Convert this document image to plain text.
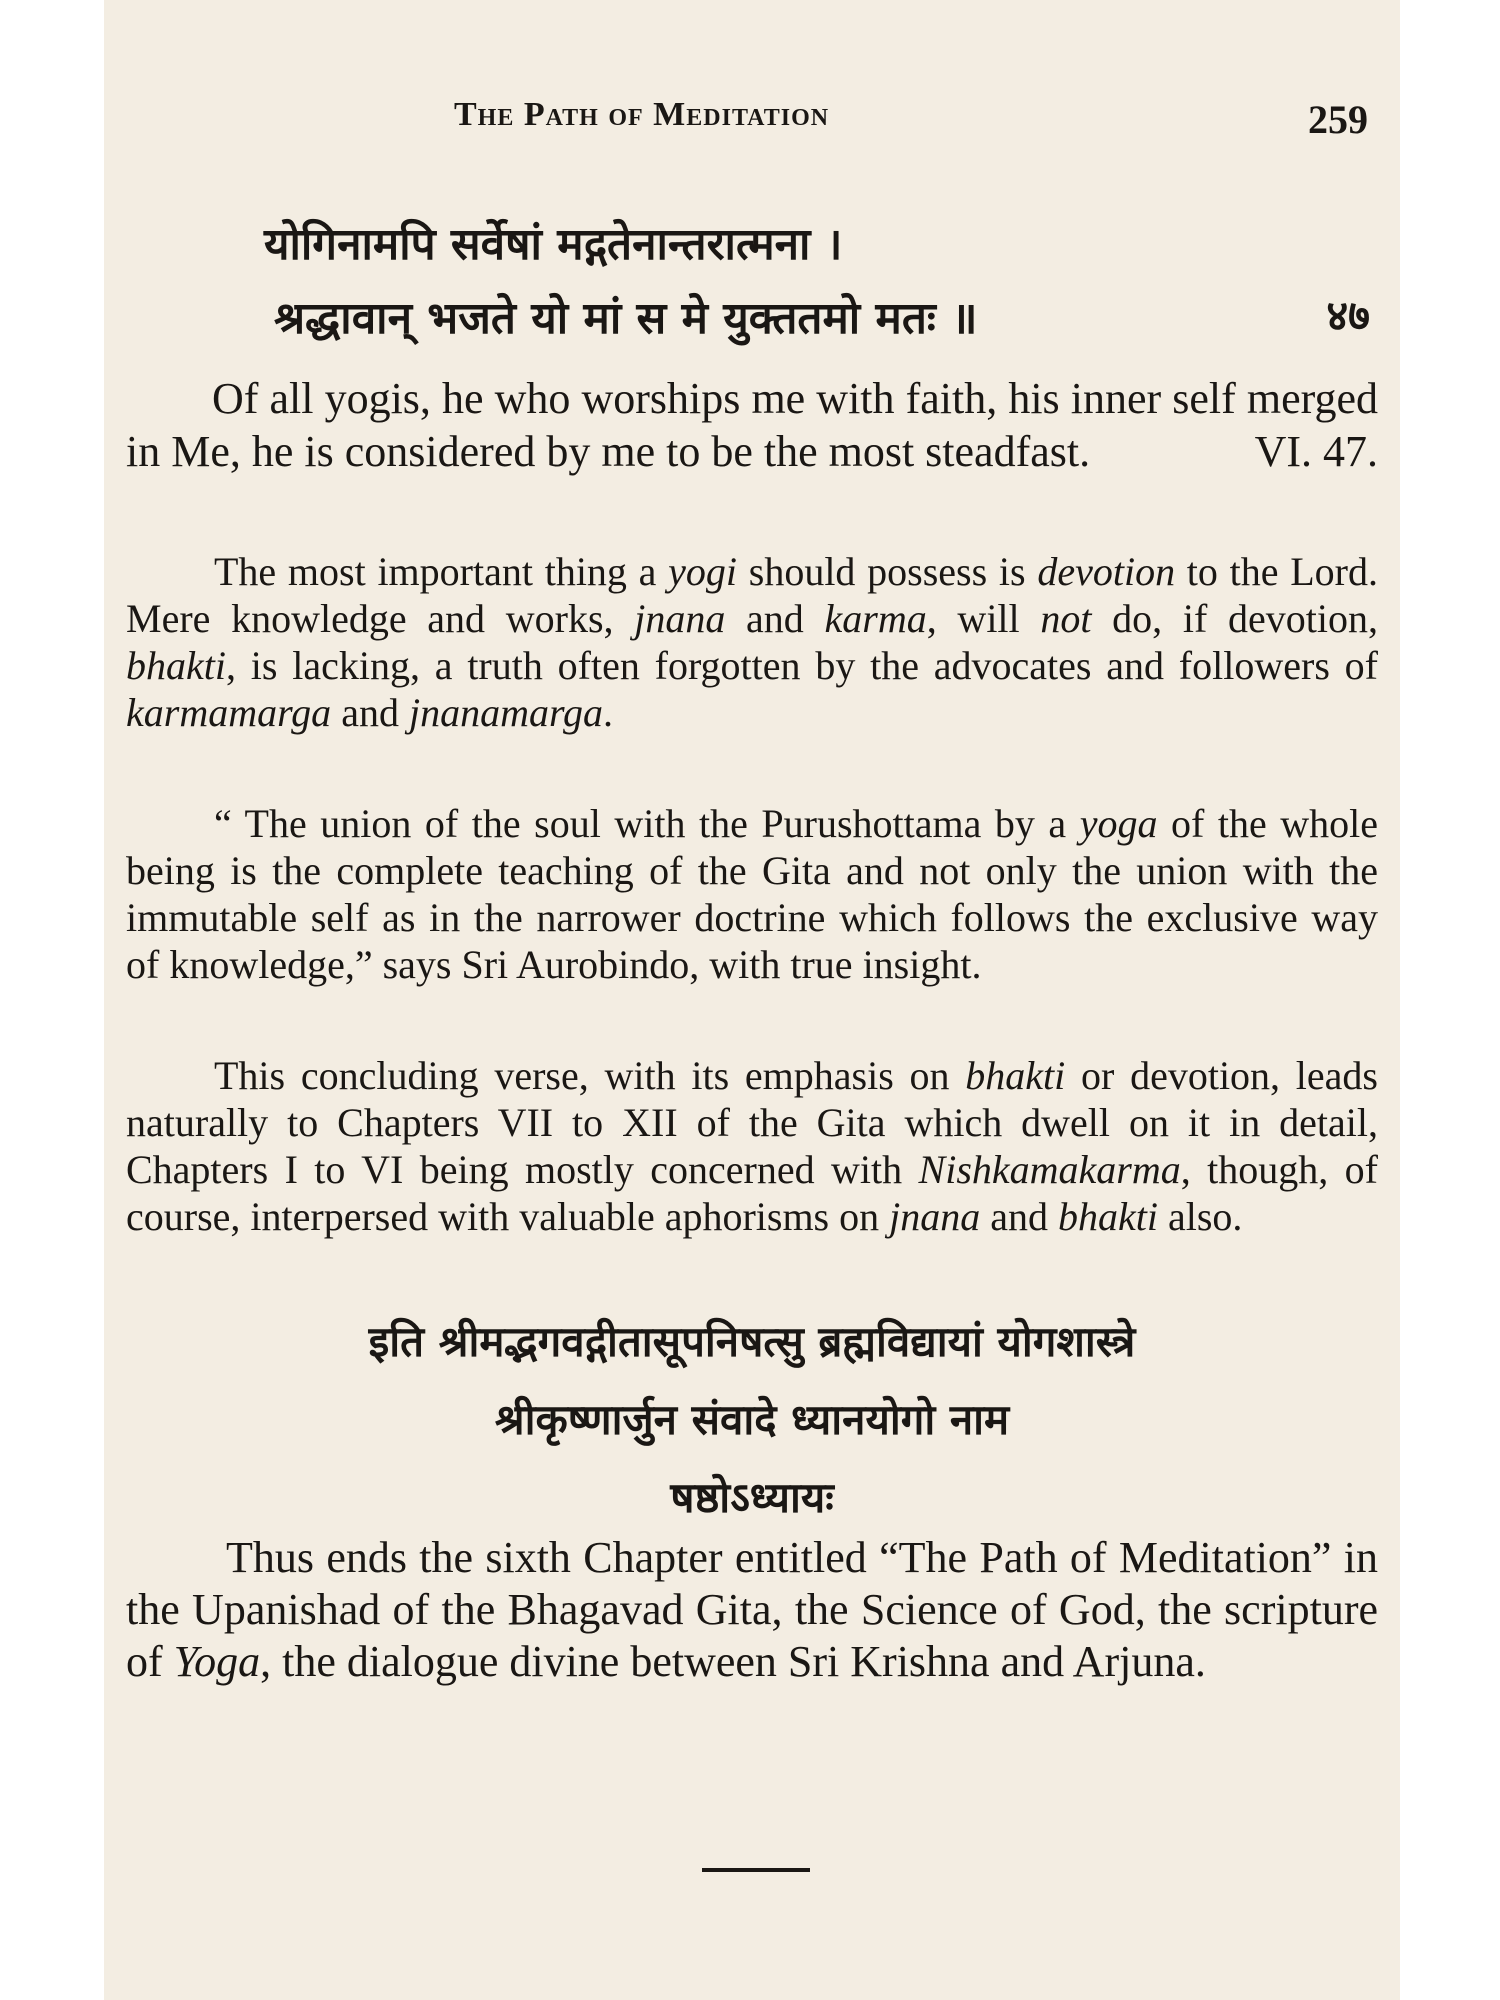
The Path of Meditation	259
योगिनामपि सर्वेषां मद्गतेनान्तरात्मना ।
श्रद्धावान् भजते यो मां स मे युक्ततमो मतः ॥	४७
Of all yogis, he who worships me with faith, his inner self merged in Me, he is considered by me to be the most steadfast.	VI. 47.
The most important thing a yogi should possess is devotion to the Lord. Mere knowledge and works, jnana and karma, will not do, if devotion, bhakti, is lacking, a truth often forgotten by the advocates and followers of karmamarga and jnanamarga.
“ The union of the soul with the Purushottama by a yoga of the whole being is the complete teaching of the Gita and not only the union with the immutable self as in the narrower doctrine which follows the exclusive way of knowledge,” says Sri Aurobindo, with true insight.
This concluding verse, with its emphasis on bhakti or devotion, leads naturally to Chapters VII to XII of the Gita which dwell on it in detail, Chapters I to VI being mostly concerned with Nishkamakarma, though, of course, interpersed with valuable aphorisms on jnana and bhakti also.
इति श्रीमद्भगवद्गीतासूपनिषत्सु ब्रह्मविद्यायां योगशास्त्रे
श्रीकृष्णार्जुन संवादे ध्यानयोगो नाम
षष्ठोऽध्यायः
Thus ends the sixth Chapter entitled “The Path of Meditation” in the Upanishad of the Bhagavad Gita, the Science of God, the scripture of Yoga, the dialogue divine between Sri Krishna and Arjuna.
